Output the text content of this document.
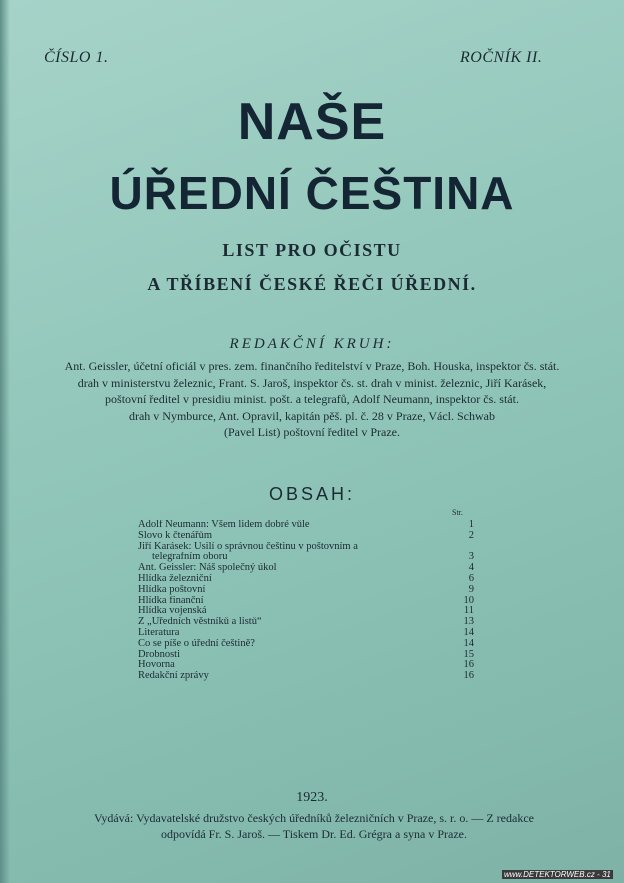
ČÍSLO 1.	ROČNÍK II.
NAŠE
ÚŘEDNÍ ČEŠTINA
LIST PRO OČISTU
A TŘÍBENÍ ČESKÉ ŘEČI ÚŘEDNÍ.
REDAKČNÍ KRUH:

Ant. Geissler, účetní oficiál v pres. zem. finančního ředitelství v Praze, Boh. Houska, inspektor čs. stát.

drah v ministerstvu železnic, Frant. S. Jaroš, inspektor čs. st. drah v minist. železnic, Jiří Karásek,

poštovní ředitel v presidiu minist. pošt. a telegrafů, Adolf Neumann, inspektor čs. stát.

drah v Nymburce, Ant. Opravil, kapitán pěš. pl. č. 28 v Praze, Václ. Schwab

(Pavel List) poštovní ředitel v Praze.

OBSAH:
Str.
Adolf Neumann: Všem lidem dobré vůle	1
Slovo k čtenářům	2
Jiří Karásek: Úsilí o správnou češtinu v poštovním a
telegrafním oboru	3
Ant. Geissler: Náš společný úkol	4
Hlídka železniční	6
Hlídka poštovní	9
Hlídka finanční	10
Hlídka vojenská	11
Z „Úředních věstníků a listů“	13
Literatura	14
Co se píše o úřední češtině?	14
Drobnosti	15
Hovorna	16
Redakční zprávy	16
1923.

Vydává: Vydavatelské družstvo českých úředníků železničních v Praze, s. r. o. — Z redakce

odpovídá Fr. S. Jaroš. — Tiskem Dr. Ed. Grégra a syna v Praze.

www.DETEKTORWEB.cz - 31
